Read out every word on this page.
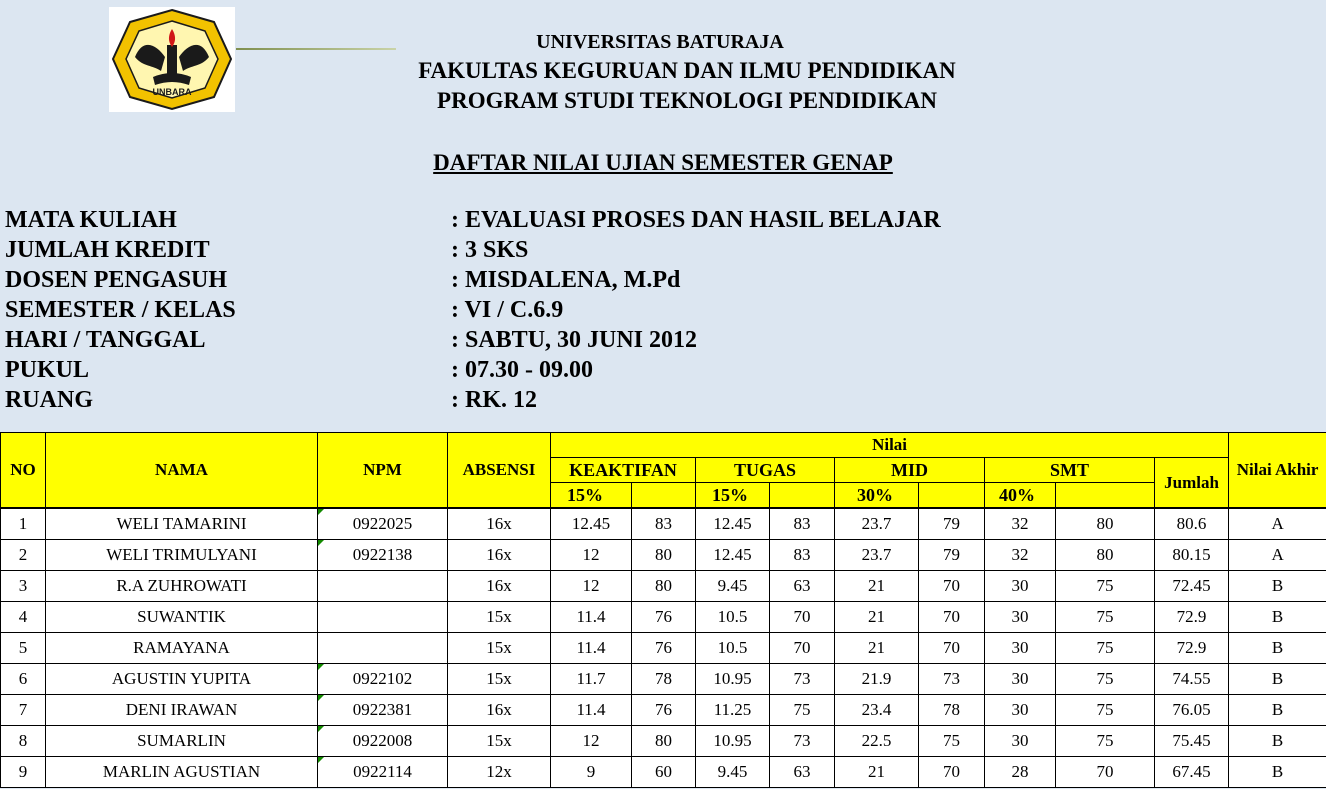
UNBARA
UNIVERSITAS BATURAJA
FAKULTAS KEGURUAN DAN ILMU PENDIDIKAN
PROGRAM STUDI TEKNOLOGI PENDIDIKAN
DAFTAR NILAI UJIAN SEMESTER GENAP
MATA KULIAH	: EVALUASI PROSES DAN HASIL BELAJAR
JUMLAH KREDIT	: 3 SKS
DOSEN PENGASUH	: MISDALENA, M.Pd
SEMESTER / KELAS	: VI / C.6.9
HARI / TANGGAL	: SABTU, 30 JUNI 2012
PUKUL	: 07.30 - 09.00
RUANG	: RK. 12
NO	NAMA	NPM	ABSENSI	Nilai									Nilai Akhir
				KEAKTIFAN		TUGAS		MID		SMT		Jumlah	
				15%		15%		30%		40%			
1	WELI TAMARINI	0922025	16x	12.45	83	12.45	83	23.7	79	32	80	80.6	A
2	WELI TRIMULYANI	0922138	16x	12	80	12.45	83	23.7	79	32	80	80.15	A
3	R.A ZUHROWATI		16x	12	80	9.45	63	21	70	30	75	72.45	B
4	SUWANTIK		15x	11.4	76	10.5	70	21	70	30	75	72.9	B
5	RAMAYANA		15x	11.4	76	10.5	70	21	70	30	75	72.9	B
6	AGUSTIN YUPITA	0922102	15x	11.7	78	10.95	73	21.9	73	30	75	74.55	B
7	DENI IRAWAN	0922381	16x	11.4	76	11.25	75	23.4	78	30	75	76.05	B
8	SUMARLIN	0922008	15x	12	80	10.95	73	22.5	75	30	75	75.45	B
9	MARLIN AGUSTIAN	0922114	12x	9	60	9.45	63	21	70	28	70	67.45	B
